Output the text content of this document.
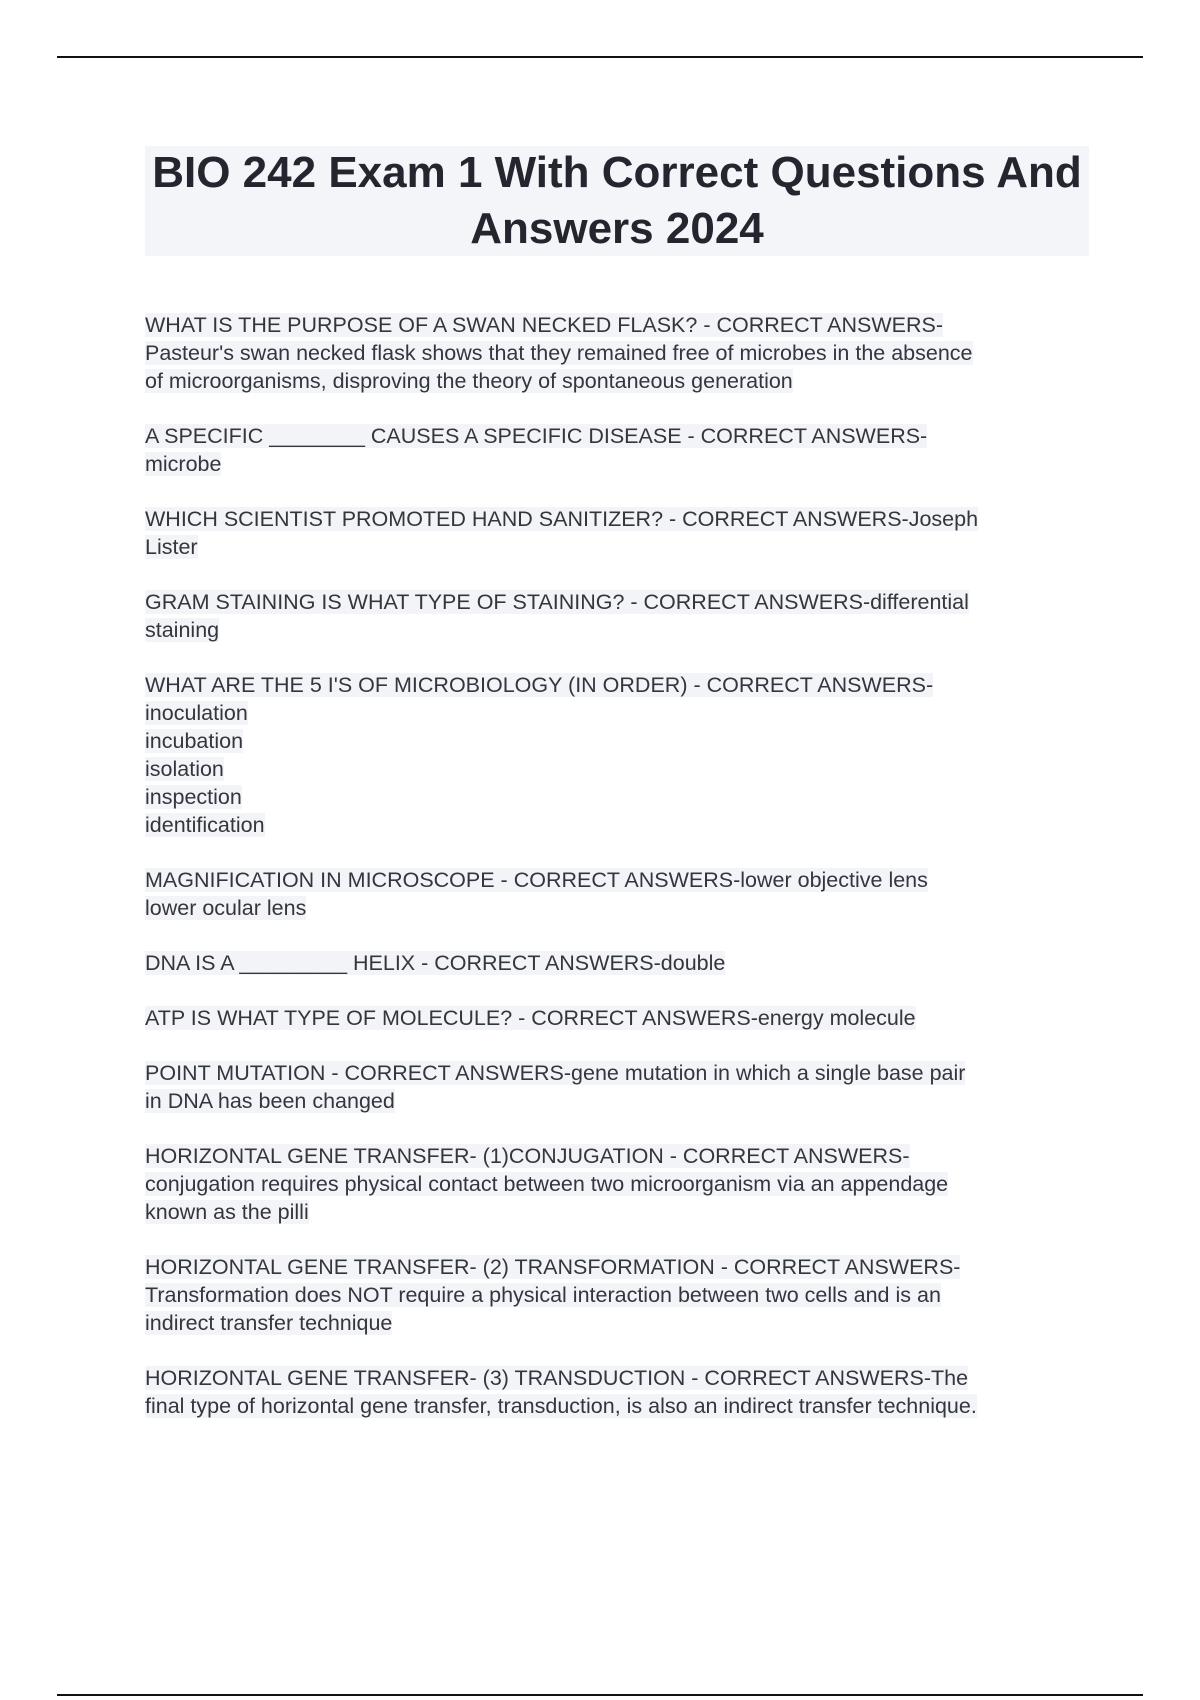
BIO 242 Exam 1 With Correct Questions And Answers 2024

WHAT IS THE PURPOSE OF A SWAN NECKED FLASK? - CORRECT ANSWERS-
Pasteur's swan necked flask shows that they remained free of microbes in the absence
of microorganisms, disproving the theory of spontaneous generation

A SPECIFIC ________ CAUSES A SPECIFIC DISEASE - CORRECT ANSWERS-
microbe

WHICH SCIENTIST PROMOTED HAND SANITIZER? - CORRECT ANSWERS-Joseph
Lister

GRAM STAINING IS WHAT TYPE OF STAINING? - CORRECT ANSWERS-differential
staining

WHAT ARE THE 5 I'S OF MICROBIOLOGY (IN ORDER) - CORRECT ANSWERS-
inoculation
incubation
isolation
inspection
identification

MAGNIFICATION IN MICROSCOPE - CORRECT ANSWERS-lower objective lens
lower ocular lens

DNA IS A _________ HELIX - CORRECT ANSWERS-double

ATP IS WHAT TYPE OF MOLECULE? - CORRECT ANSWERS-energy molecule

POINT MUTATION - CORRECT ANSWERS-gene mutation in which a single base pair
in DNA has been changed

HORIZONTAL GENE TRANSFER- (1)CONJUGATION - CORRECT ANSWERS-
conjugation requires physical contact between two microorganism via an appendage
known as the pilli

HORIZONTAL GENE TRANSFER- (2) TRANSFORMATION - CORRECT ANSWERS-
Transformation does NOT require a physical interaction between two cells and is an
indirect transfer technique

HORIZONTAL GENE TRANSFER- (3) TRANSDUCTION - CORRECT ANSWERS-The
final type of horizontal gene transfer, transduction, is also an indirect transfer technique.
